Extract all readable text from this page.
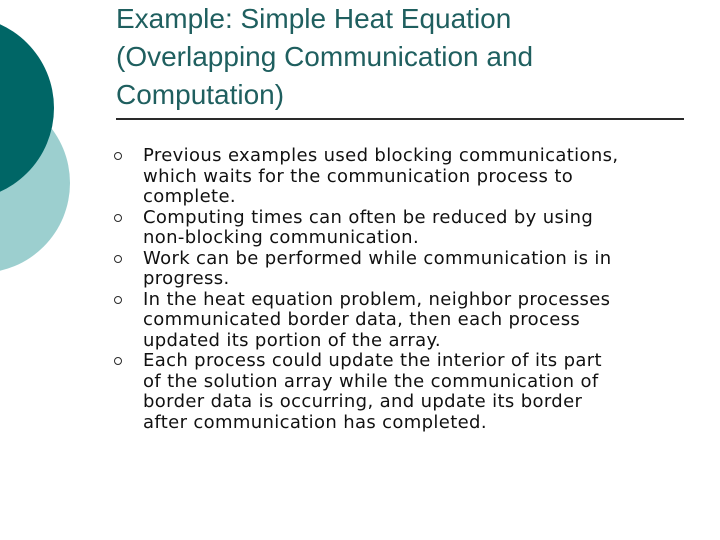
Example: Simple Heat Equation
(Overlapping Communication and
Computation)
Previous examples used blocking communications,
which waits for the communication process to
complete.
Computing times can often be reduced by using
non-blocking communication.
Work can be performed while communication is in
progress.
In the heat equation problem, neighbor processes
communicated border data, then each process
updated its portion of the array.
Each process could update the interior of its part
of the solution array while the communication of
border data is occurring, and update its border
after communication has completed.
